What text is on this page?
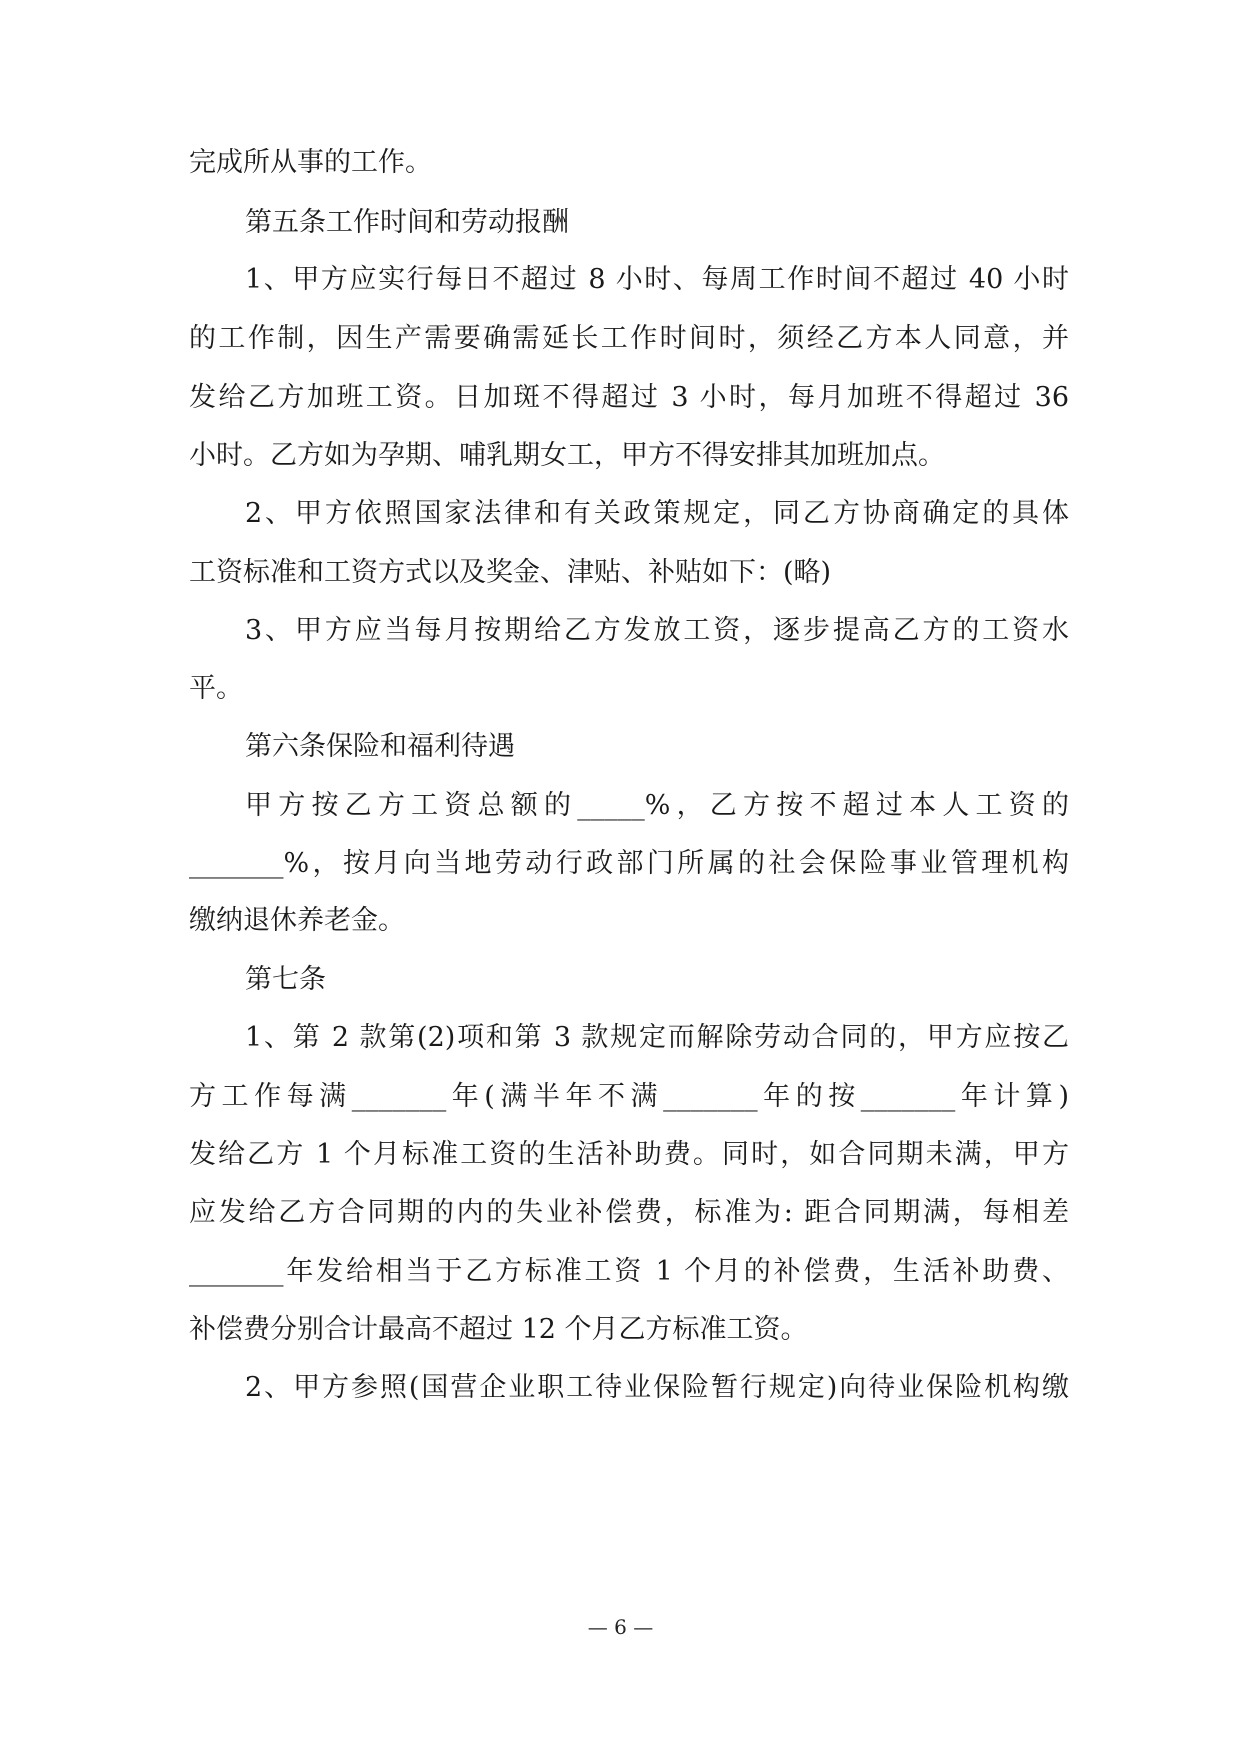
完成所从事的工作。
第五条工作时间和劳动报酬
1、甲方应实行每日不超过 8 小时、每周工作时间不超过 40 小时
的工作制，因生产需要确需延长工作时间时，须经乙方本人同意，并
发给乙方加班工资。日加斑不得超过 3 小时，每月加班不得超过 36
小时。乙方如为孕期、哺乳期女工，甲方不得安排其加班加点。
2、甲方依照国家法律和有关政策规定，同乙方协商确定的具体
工资标准和工资方式以及奖金、津贴、补贴如下：(略)
3、甲方应当每月按期给乙方发放工资，逐步提高乙方的工资水
平。
第六条保险和福利待遇
甲方按乙方工资总额的_____%，乙方按不超过本人工资的
_______%，按月向当地劳动行政部门所属的社会保险事业管理机构
缴纳退休养老金。
第七条
1、第 2 款第(2)项和第 3 款规定而解除劳动合同的，甲方应按乙
方工作每满_______年(满半年不满_______年的按_______年计算)
发给乙方 1 个月标准工资的生活补助费。同时，如合同期未满，甲方
应发给乙方合同期的内的失业补偿费，标准为: 距合同期满，每相差
_______年发给相当于乙方标准工资 1 个月的补偿费，生活补助费、
补偿费分别合计最高不超过 12 个月乙方标准工资。
2、甲方参照(国营企业职工待业保险暂行规定)向待业保险机构缴
— 6 —
